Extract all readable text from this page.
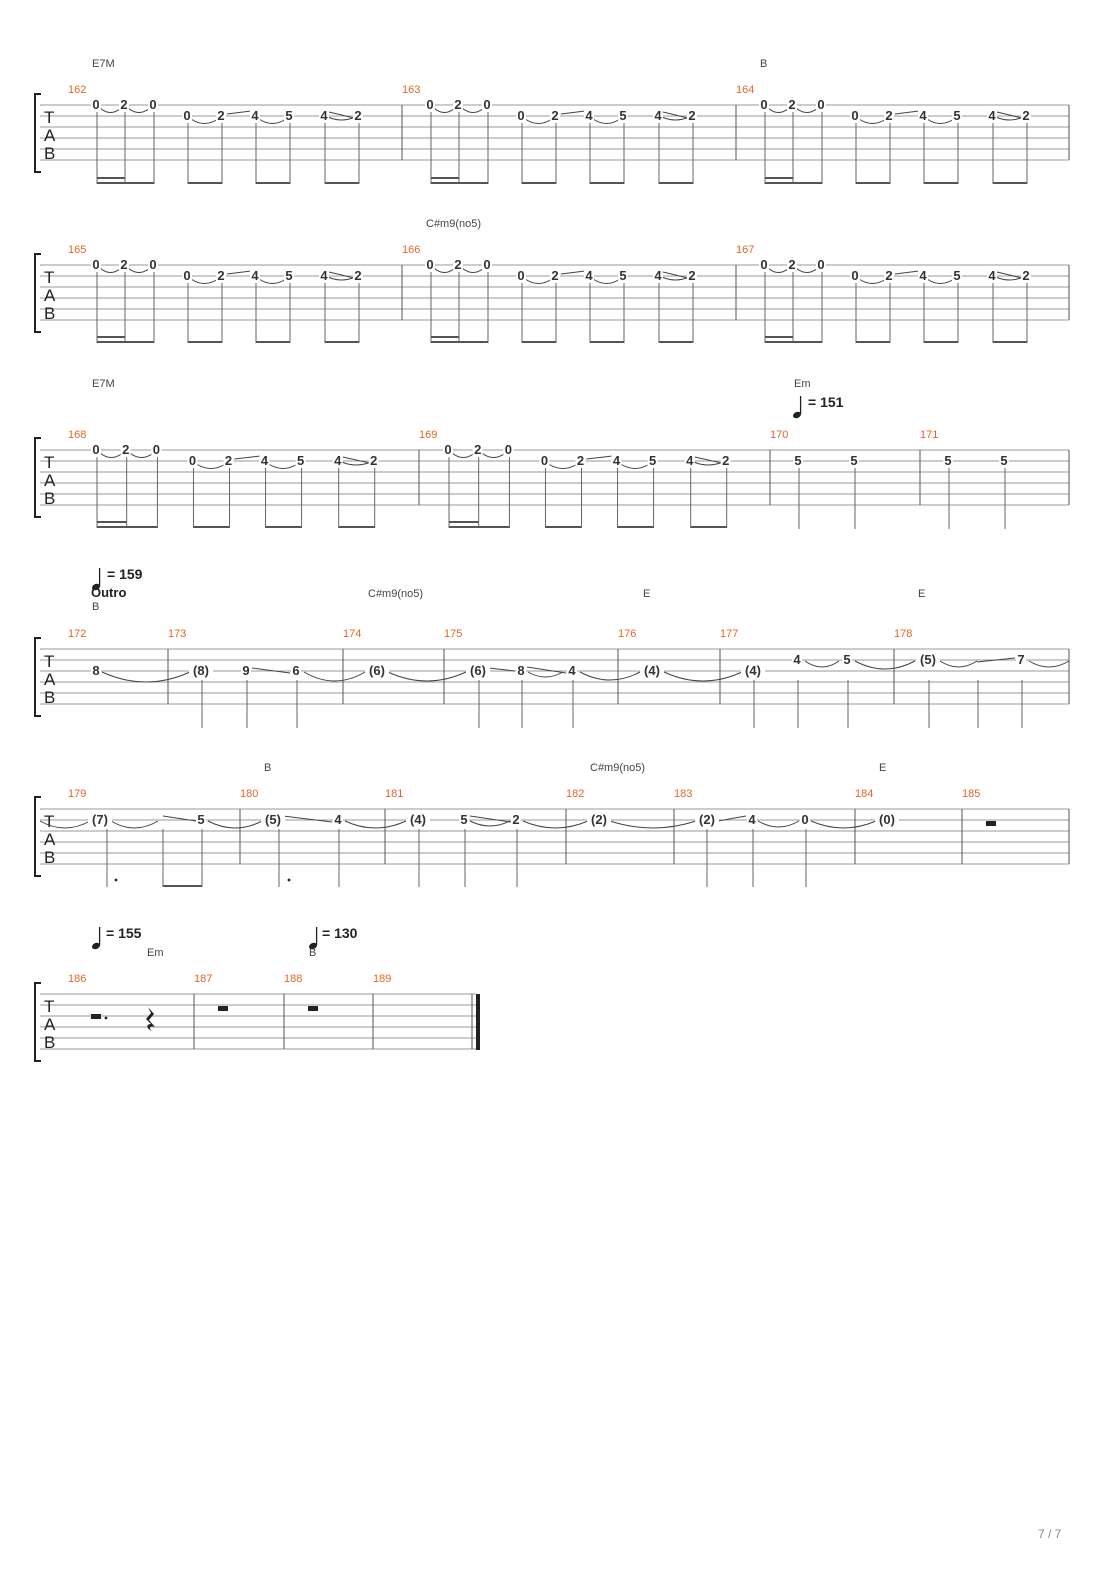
T
A
B
E7M	B
162	163	164
T
A
B
C#m9(no5)
165	166	167
T
A
B
E7M	Em
= 151
168	169	170	171
T
A
B
= 159
Outro
B
C#m9(no5)	E	E
172	173	174	175	176	177	178
T
A
B
B	C#m9(no5)	E
179	180	181	182	183	184	185
T
A
B
= 155	= 130
Em	B
186	187	188	189
0 2 0
0 2 4 5 4 2
0 2 0
0 2 4 5 4 2
0 2 0
0 2 4 5 4 2
0 2 0
0 2 4 5 4 2
0 2 0
0 2 4 5 4 2
0 2 0
0 2 4 5 4 2
0 2 0
0 2 4 5 4 2
0 2 0
0 2 4 5 4 2	5	5	5	5
8	(8)	9	6	(6)	(6) 8	4	(4)	(4)
4	5	(5)	7
(7)	5	(5)	4	(4)	5	2	(2)	(2)	4	0	(0)
7 / 7
